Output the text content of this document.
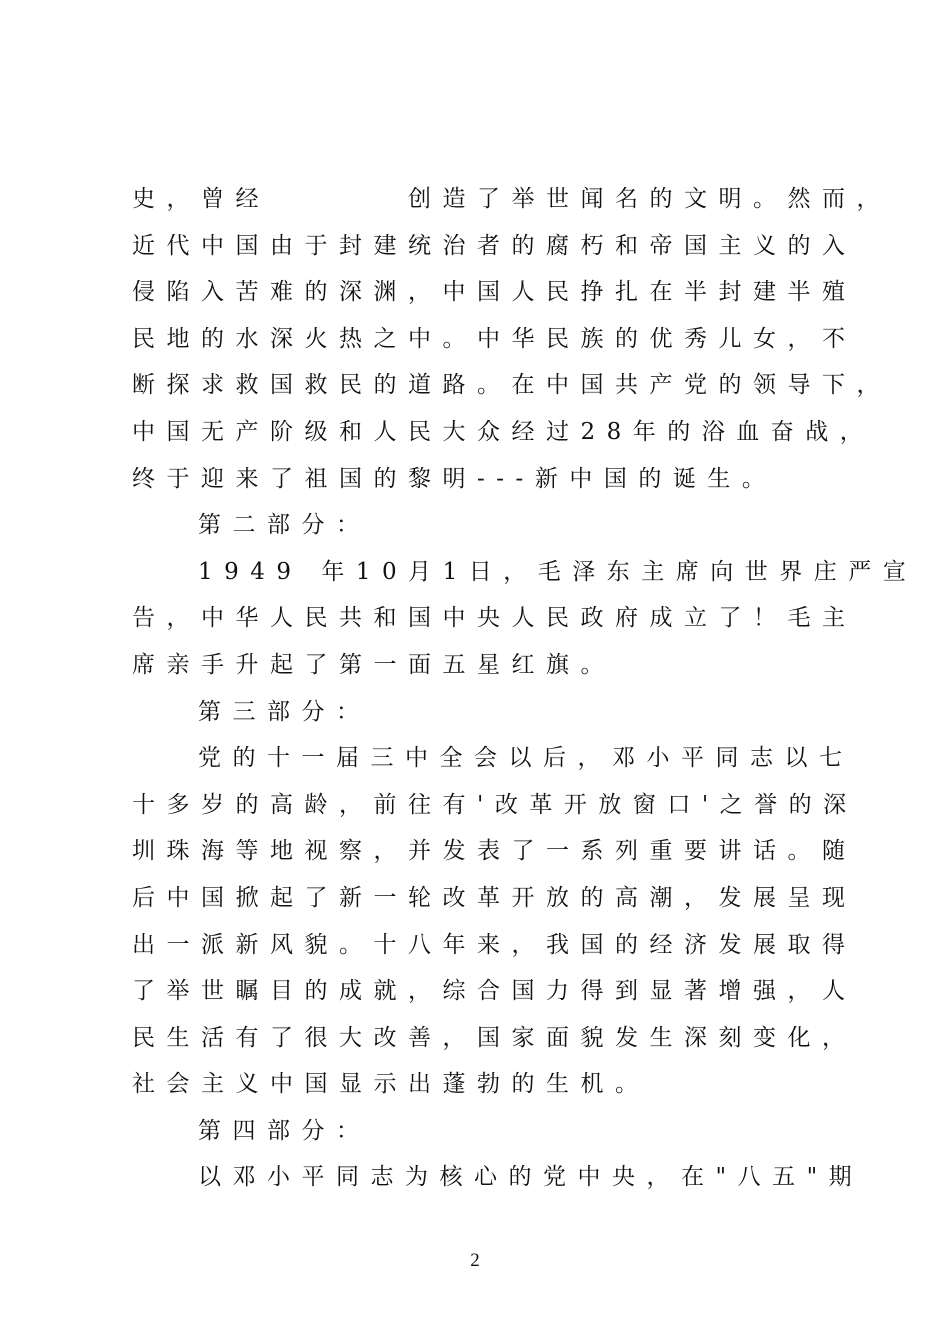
史，曾经　　　　创造了举世闻名的文明。然而，
近代中国由于封建统治者的腐朽和帝国主义的入
侵陷入苦难的深渊，中国人民挣扎在半封建半殖
民地的水深火热之中。中华民族的优秀儿女，不
断探求救国救民的道路。在中国共产党的领导下，
中国无产阶级和人民大众经过28年的浴血奋战，
终于迎来了祖国的黎明---新中国的诞生。
第二部分：
1949 年10月1日，毛泽东主席向世界庄严宣
告，中华人民共和国中央人民政府成立了！毛主
席亲手升起了第一面五星红旗。
第三部分：
党的十一届三中全会以后，邓小平同志以七
十多岁的高龄，前往有'改革开放窗口'之誉的深
圳珠海等地视察，并发表了一系列重要讲话。随
后中国掀起了新一轮改革开放的高潮，发展呈现
出一派新风貌。十八年来，我国的经济发展取得
了举世瞩目的成就，综合国力得到显著增强，人
民生活有了很大改善，国家面貌发生深刻变化，
社会主义中国显示出蓬勃的生机。
第四部分：
以邓小平同志为核心的党中央，在"八五"期
2
